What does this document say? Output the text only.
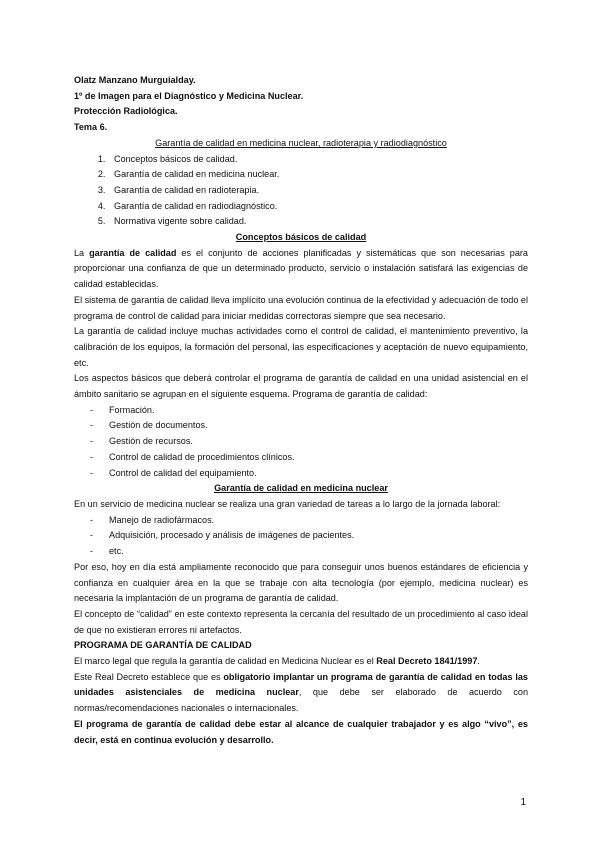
Olatz Manzano Murguialday.
1º de Imagen para el Diagnóstico y Medicina Nuclear.
Protección Radiológica.
Tema 6.
Garantía de calidad en medicina nuclear, radioterapia y radiodiagnóstico
1. Conceptos básicos de calidad.
2. Garantía de calidad en medicina nuclear.
3. Garantía de calidad en radioterapia.
4. Garantía de calidad en radiodiagnóstico.
5. Normativa vigente sobre calidad.
Conceptos básicos de calidad

La garantía de calidad es el conjunto de acciones planificadas y sistemáticas que son necesarias para proporcionar una confianza de que un determinado producto, servicio o instalación satisfará las exigencias de calidad establecidas.

El sistema de garantía de calidad lleva implícito una evolución continua de la efectividad y adecuación de todo el programa de control de calidad para iniciar medidas correctoras siempre que sea necesario.

La garantía de calidad incluye muchas actividades como el control de calidad, el mantenimiento preventivo, la calibración de los equipos, la formación del personal, las especificaciones y aceptación de nuevo equipamiento, etc.

Los aspectos básicos que deberá controlar el programa de garantía de calidad en una unidad asistencial en el ámbito sanitario se agrupan en el siguiente esquema. Programa de garantía de calidad:

- Formación.
- Gestión de documentos.
- Gestión de recursos.
- Control de calidad de procedimientos clínicos.
- Control de calidad del equipamiento.
Garantía de calidad en medicina nuclear

En un servicio de medicina nuclear se realiza una gran variedad de tareas a lo largo de la jornada laboral:

- Manejo de radiofármacos.
- Adquisición, procesado y análisis de imágenes de pacientes.
- etc.

Por eso, hoy en día está ampliamente reconocido que para conseguir unos buenos estándares de eficiencia y confianza en cualquier área en la que se trabaje con alta tecnología (por ejemplo, medicina nuclear) es necesaria la implantación de un programa de garantía de calidad.

El concepto de “calidad” en este contexto representa la cercanía del resultado de un procedimiento al caso ideal de que no existieran errores ni artefactos.

PROGRAMA DE GARANTÍA DE CALIDAD

El marco legal que regula la garantía de calidad en Medicina Nuclear es el Real Decreto 1841/1997.

Este Real Decreto establece que es obligatorio implantar un programa de garantía de calidad en todas las unidades asistenciales de medicina nuclear, que debe ser elaborado de acuerdo con normas/recomendaciones nacionales o internacionales.

El programa de garantía de calidad debe estar al alcance de cualquier trabajador y es algo “vivo”, es decir, está en continua evolución y desarrollo.

1
